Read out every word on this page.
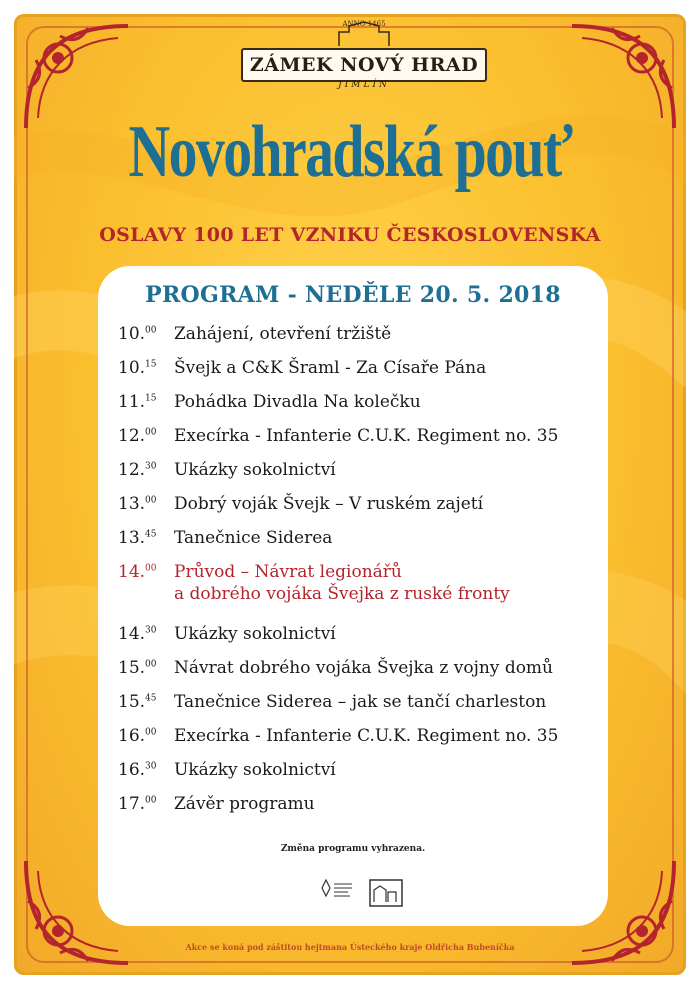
ANNO 1465
ZÁMEK NOVÝ HRAD
JIMLÍN
Novohradská pouť
OSLAVY 100 LET VZNIKU ČESKOSLOVENSKA
PROGRAM - NEDĚLE 20. 5. 2018
10.00 Zahájení, otevření tržiště
10.15 Švejk a C&K Šraml - Za Císaře Pána
11.15 Pohádka Divadla Na kolečku
12.00 Execírka - Infanterie C.U.K. Regiment no. 35
12.30 Ukázky sokolnictví
13.00 Dobrý voják Švejk – V ruském zajetí
13.45 Tanečnice Siderea
14.00 Průvod – Návrat legionářů
a dobrého vojáka Švejka z ruské fronty
14.30 Ukázky sokolnictví
15.00 Návrat dobrého vojáka Švejka z vojny domů
15.45 Tanečnice Siderea – jak se tančí charleston
16.00 Execírka - Infanterie C.U.K. Regiment no. 35
16.30 Ukázky sokolnictví
17.00 Závěr programu
Změna programu vyhrazena.
Akce se koná pod záštitou hejtmana Ústeckého kraje Oldřicha Bubeníčka
